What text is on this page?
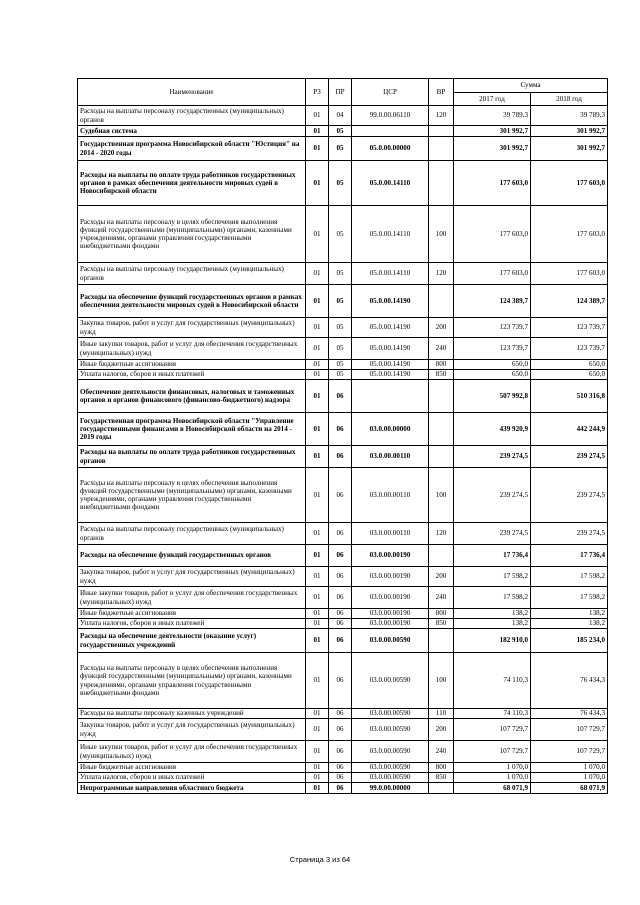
Наименование	РЗ	ПР	ЦСР	ВР	Сумма	
					2017 год	2018 год
Расходы на выплаты персоналу государственных (муниципальных) органов	01	04	99.0.00.06110	120	39 789,3	39 789,3
Судебная система	01	05			301 992,7	301 992,7
Государственная программа Новосибирской области "Юстиция" на 2014 - 2020 годы	01	05	05.0.00.00000		301 992,7	301 992,7
Расходы на выплаты по оплате труда работников государственных органов в рамках обеспечения деятельности мировых судей в Новосибирской области	01	05	05.0.00.14110		177 603,0	177 603,0
Расходы на выплаты персоналу в целях обеспечения выполнения функций государственными (муниципальными) органами, казенными учреждениями, органами управления государственными внебюджетными фондами	01	05	05.0.00.14110	100	177 603,0	177 603,0
Расходы на выплаты персоналу государственных (муниципальных) органов	01	05	05.0.00.14110	120	177 603,0	177 603,0
Расходы на обеспечение функций государственных органов в рамках обеспечения деятельности мировых судей в Новосибирской области	01	05	05.0.00.14190		124 389,7	124 389,7
Закупка товаров, работ и услуг для государственных (муниципальных) нужд	01	05	05.0.00.14190	200	123 739,7	123 739,7
Иные закупки товаров, работ и услуг для обеспечения государственных (муниципальных) нужд	01	05	05.0.00.14190	240	123 739,7	123 739,7
Иные бюджетные ассигнования	01	05	05.0.00.14190	800	650,0	650,0
Уплата налогов, сборов и иных платежей	01	05	05.0.00.14190	850	650,0	650,0
Обеспечение деятельности финансовых, налоговых и таможенных органов и органов финансового (финансово-бюджетного) надзора	01	06			507 992,8	510 316,8
Государственная программа Новосибирской области "Управление государственными финансами в Новосибирской области на 2014 - 2019 годы	01	06	03.0.00.00000		439 920,9	442 244,9
Расходы на выплаты по оплате труда работников государственных органов	01	06	03.0.00.00110		239 274,5	239 274,5
Расходы на выплаты персоналу в целях обеспечения выполнения функций государственными (муниципальными) органами, казенными учреждениями, органами управления государственными внебюджетными фондами	01	06	03.0.00.00110	100	239 274,5	239 274,5
Расходы на выплаты персоналу государственных (муниципальных) органов	01	06	03.0.00.00110	120	239 274,5	239 274,5
Расходы на обеспечение функций государственных органов	01	06	03.0.00.00190		17 736,4	17 736,4
Закупка товаров, работ и услуг для государственных (муниципальных) нужд	01	06	03.0.00.00190	200	17 598,2	17 598,2
Иные закупки товаров, работ и услуг для обеспечения государственных (муниципальных) нужд	01	06	03.0.00.00190	240	17 598,2	17 598,2
Иные бюджетные ассигнования	01	06	03.0.00.00190	800	138,2	138,2
Уплата налогов, сборов и иных платежей	01	06	03.0.00.00190	850	138,2	138,2
Расходы на обеспечение деятельности (оказание услуг) государственных учреждений	01	06	03.0.00.00590		182 910,0	185 234,0
Расходы на выплаты персоналу в целях обеспечения выполнения функций государственными (муниципальными) органами, казенными учреждениями, органами управления государственными внебюджетными фондами	01	06	03.0.00.00590	100	74 110,3	76 434,3
Расходы на выплаты персоналу казенных учреждений	01	06	03.0.00.00590	110	74 110,3	76 434,3
Закупка товаров, работ и услуг для государственных (муниципальных) нужд	01	06	03.0.00.00590	200	107 729,7	107 729,7
Иные закупки товаров, работ и услуг для обеспечения государственных (муниципальных) нужд	01	06	03.0.00.00590	240	107 729,7	107 729,7
Иные бюджетные ассигнования	01	06	03.0.00.00590	800	1 070,0	1 070,0
Уплата налогов, сборов и иных платежей	01	06	03.0.00.00590	850	1 070,0	1 070,0
Непрограммные направления областного бюджета	01	06	99.0.00.00000		68 071,9	68 071,9
Страница 3 из 64
